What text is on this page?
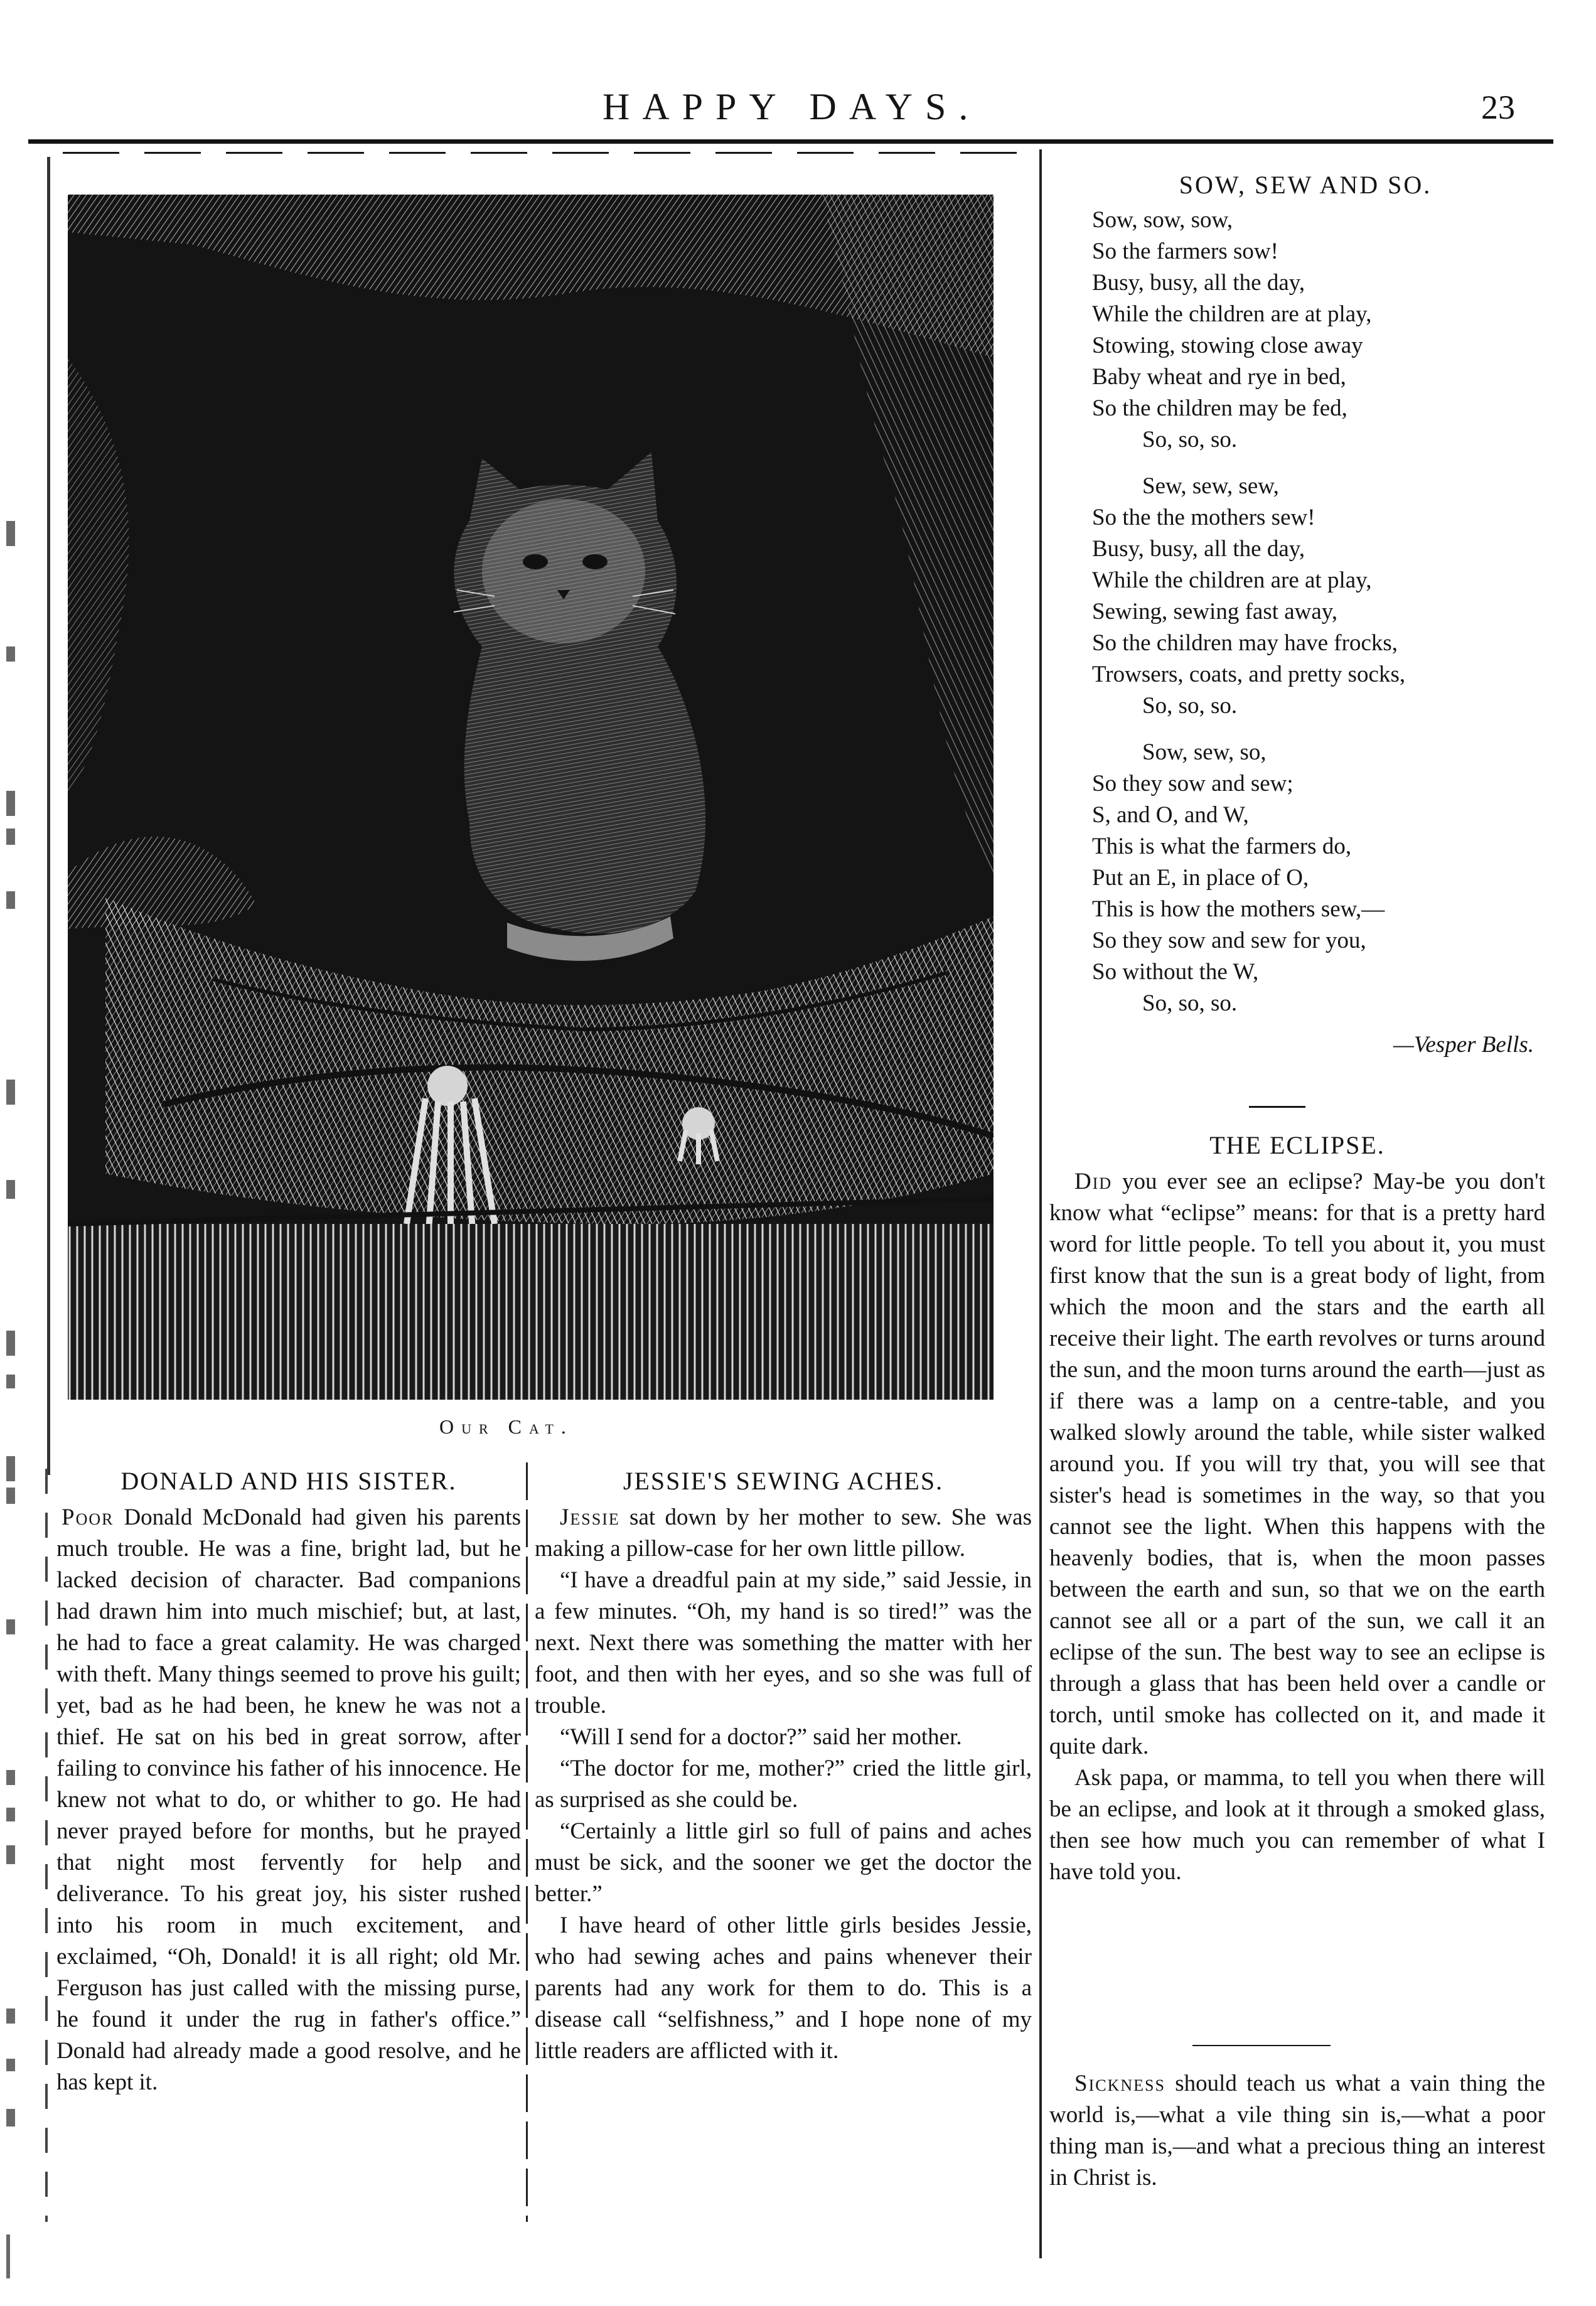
HAPPY DAYS.	23
Our Cat.
DONALD AND HIS SISTER.

Poor Donald McDonald had given his parents much trouble. He was a fine, bright lad, but he lacked decision of character. Bad companions had drawn him into much mischief; but, at last, he had to face a great calamity. He was charged with theft. Many things seemed to prove his guilt; yet, bad as he had been, he knew he was not a thief. He sat on his bed in great sorrow, after failing to convince his father of his innocence. He knew not what to do, or whither to go. He had never prayed before for months, but he prayed that night most fervently for help and deliverance. To his great joy, his sister rushed into his room in much excitement, and exclaimed, “Oh, Donald! it is all right; old Mr. Ferguson has just called with the missing purse, he found it under the rug in father's office.” Donald had already made a good resolve, and he has kept it.

JESSIE'S SEWING ACHES.

Jessie sat down by her mother to sew. She was making a pillow-case for her own little pillow.

“I have a dreadful pain at my side,” said Jessie, in a few minutes. “Oh, my hand is so tired!” was the next. Next there was something the matter with her foot, and then with her eyes, and so she was full of trouble.

“Will I send for a doctor?” said her mother.

“The doctor for me, mother?” cried the little girl, as surprised as she could be.

“Certainly a little girl so full of pains and aches must be sick, and the sooner we get the doctor the better.”

I have heard of other little girls besides Jessie, who had sewing aches and pains whenever their parents had any work for them to do. This is a disease call “selfishness,” and I hope none of my little readers are afflicted with it.

SOW, SEW AND SO.
Sow, sow, sow,
So the farmers sow!
Busy, busy, all the day,
While the children are at play,
Stowing, stowing close away
Baby wheat and rye in bed,
So the children may be fed,
So, so, so.
Sew, sew, sew,
So the the mothers sew!
Busy, busy, all the day,
While the children are at play,
Sewing, sewing fast away,
So the children may have frocks,
Trowsers, coats, and pretty socks,
So, so, so.
Sow, sew, so,
So they sow and sew;
S, and O, and W,
This is what the farmers do,
Put an E, in place of O,
This is how the mothers sew,—
So they sow and sew for you,
So without the W,
So, so, so.
—Vesper Bells.
THE ECLIPSE.

Did you ever see an eclipse? May-be you don't know what “eclipse” means: for that is a pretty hard word for little people. To tell you about it, you must first know that the sun is a great body of light, from which the moon and the stars and the earth all receive their light. The earth revolves or turns around the sun, and the moon turns around the earth—just as if there was a lamp on a centre-table, and you walked slowly around the table, while sister walked around you. If you will try that, you will see that sister's head is sometimes in the way, so that you cannot see the light. When this happens with the heavenly bodies, that is, when the moon passes between the earth and sun, so that we on the earth cannot see all or a part of the sun, we call it an eclipse of the sun. The best way to see an eclipse is through a glass that has been held over a candle or torch, until smoke has collected on it, and made it quite dark.

Ask papa, or mamma, to tell you when there will be an eclipse, and look at it through a smoked glass, then see how much you can remember of what I have told you.

Sickness should teach us what a vain thing the world is,—what a vile thing sin is,—what a poor thing man is,—and what a precious thing an interest in Christ is.
